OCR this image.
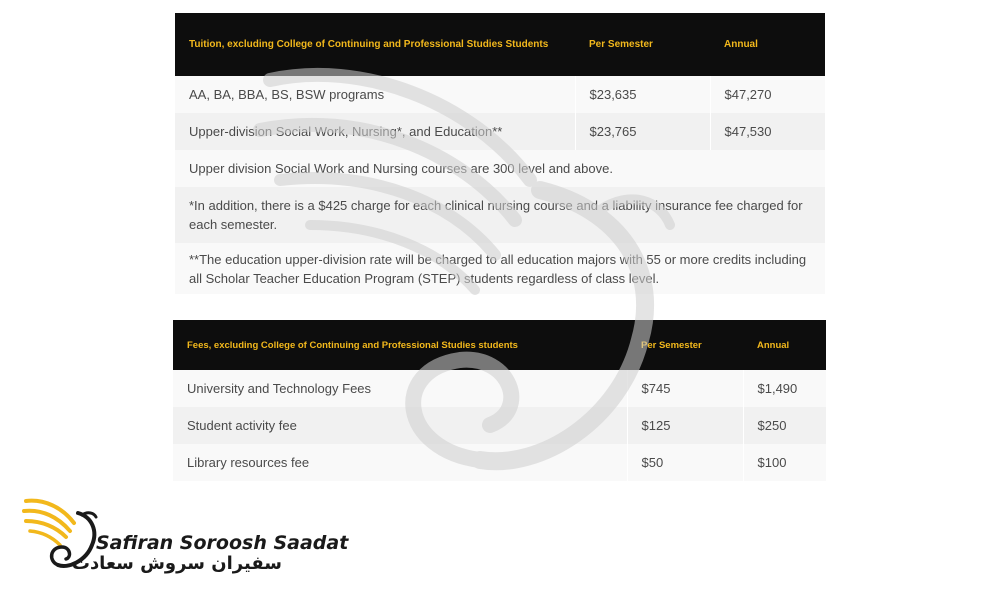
Tuition, excluding College of Continuing and Professional Studies Students	Per Semester	Annual
AA, BA, BBA, BS, BSW programs	$23,635	$47,270
Upper-division Social Work, Nursing*, and Education**	$23,765	$47,530
Upper division Social Work and Nursing courses are 300 level and above.		
*In addition, there is a $425 charge for each clinical nursing course and a liability insurance fee charged for each semester.		
**The education upper-division rate will be charged to all education majors with 55 or more credits including all Scholar Teacher Education Program (STEP) students regardless of class level.		
Fees, excluding College of Continuing and Professional Studies students	Per Semester	Annual
University and Technology Fees	$745	$1,490
Student activity fee	$125	$250
Library resources fee	$50	$100
Safiran Soroosh Saadat
سفیران سروش سعادت
